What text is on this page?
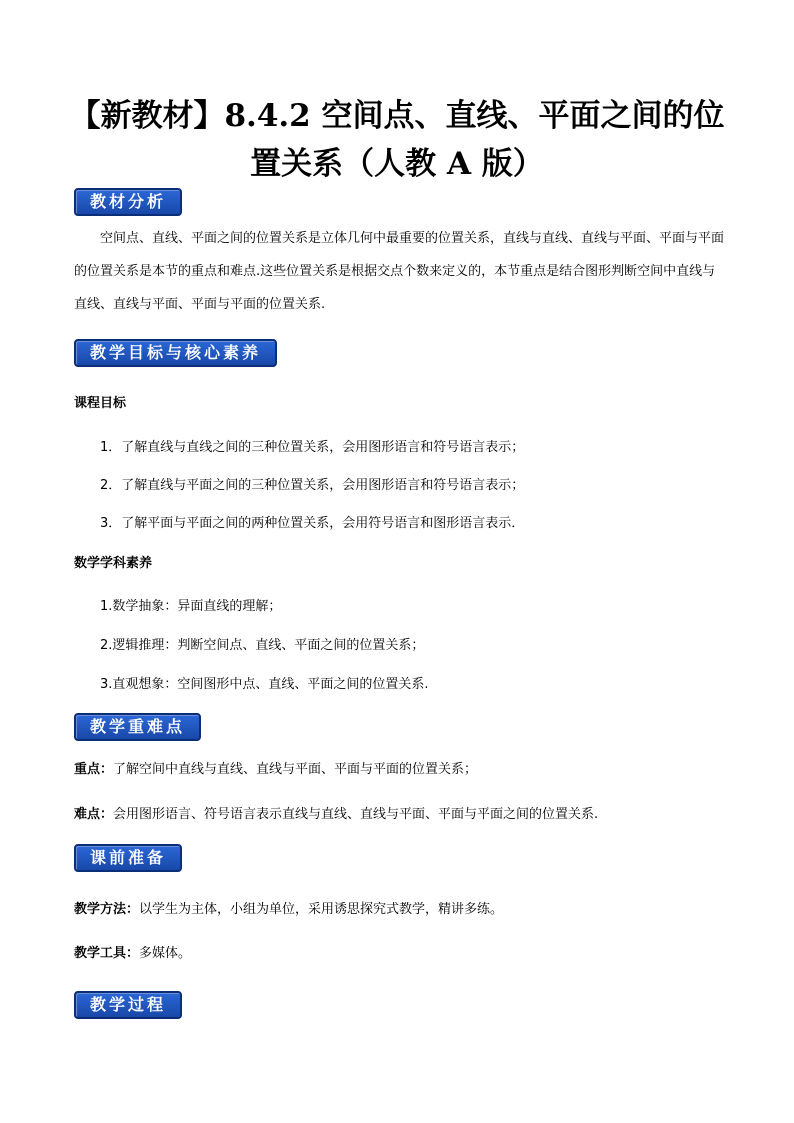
【新教材】8.4.2 空间点、直线、平面之间的位
置关系（人教 A 版）
教材分析
空间点、直线、平面之间的位置关系是立体几何中最重要的位置关系，直线与直线、直线与平面、平面与平面的位置关系是本节的重点和难点.这些位置关系是根据交点个数来定义的，本节重点是结合图形判断空间中直线与直线、直线与平面、平面与平面的位置关系.
教学目标与核心素养
课程目标
1．了解直线与直线之间的三种位置关系，会用图形语言和符号语言表示；
2．了解直线与平面之间的三种位置关系，会用图形语言和符号语言表示；
3．了解平面与平面之间的两种位置关系，会用符号语言和图形语言表示．
数学学科素养
1.数学抽象：异面直线的理解；
2.逻辑推理：判断空间点、直线、平面之间的位置关系；
3.直观想象：空间图形中点、直线、平面之间的位置关系.
教学重难点
重点：了解空间中直线与直线、直线与平面、平面与平面的位置关系；
难点：会用图形语言、符号语言表示直线与直线、直线与平面、平面与平面之间的位置关系.
课前准备
教学方法：以学生为主体，小组为单位，采用诱思探究式教学，精讲多练。
教学工具：多媒体。
教学过程
